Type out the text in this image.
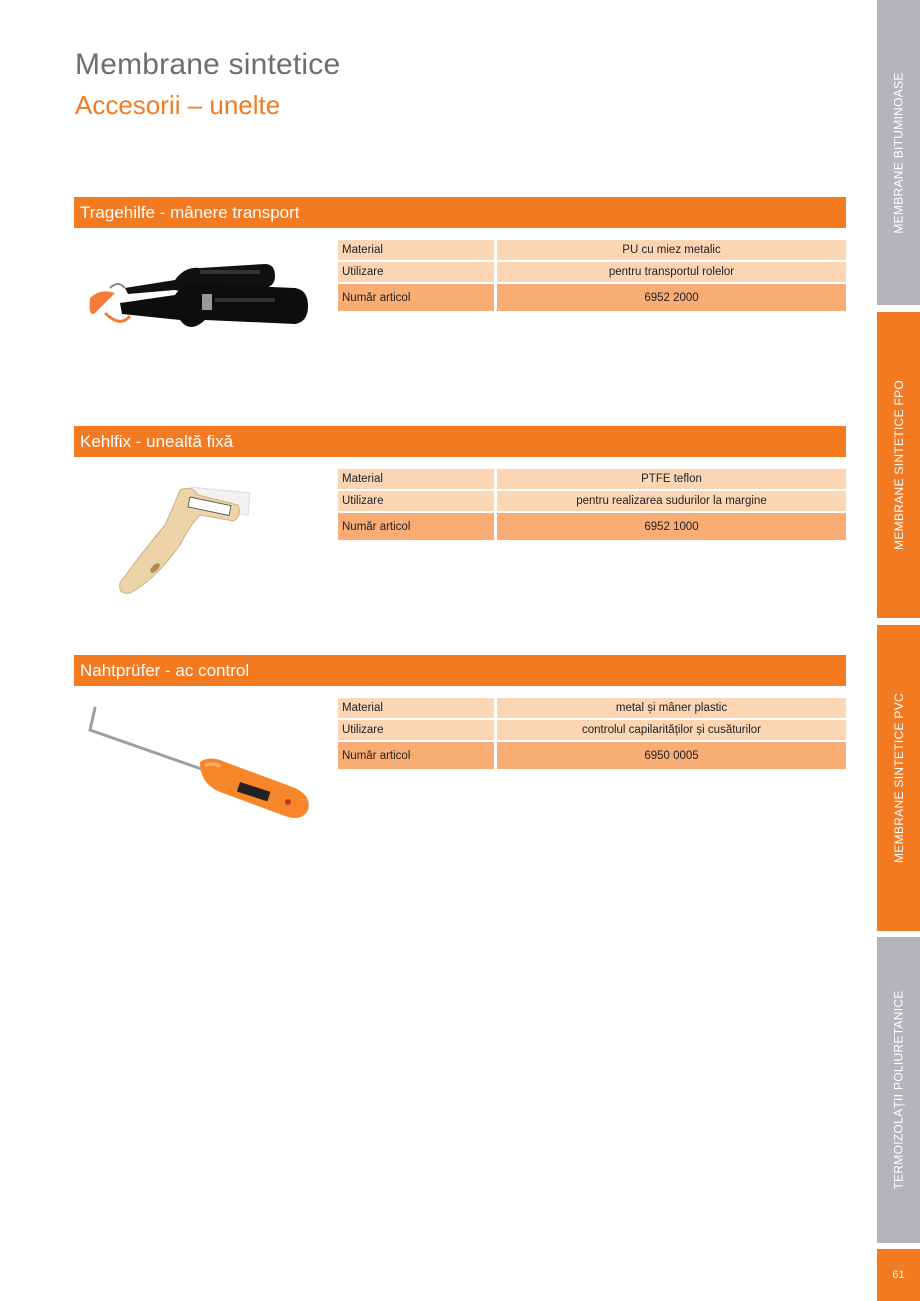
Membrane sintetice
Accesorii – unelte
Tragehilfe - mânere transport
Material	PU cu miez metalic
Utilizare	pentru transportul rolelor
Număr articol	6952 2000
Kehlfix - unealtă fixă
Material	PTFE teflon
Utilizare	pentru realizarea sudurilor la margine
Număr articol	6952 1000
Nahtprüfer - ac control
Material	metal și mâner plastic
Utilizare	controlul capilarităților și cusăturilor
Număr articol	6950 0005
MEMBRANE BITUMINOASE
MEMBRANE SINTETICE FPO
MEMBRANE SINTETICE PVC
TERMOIZOLAȚII POLIURETANICE
61
